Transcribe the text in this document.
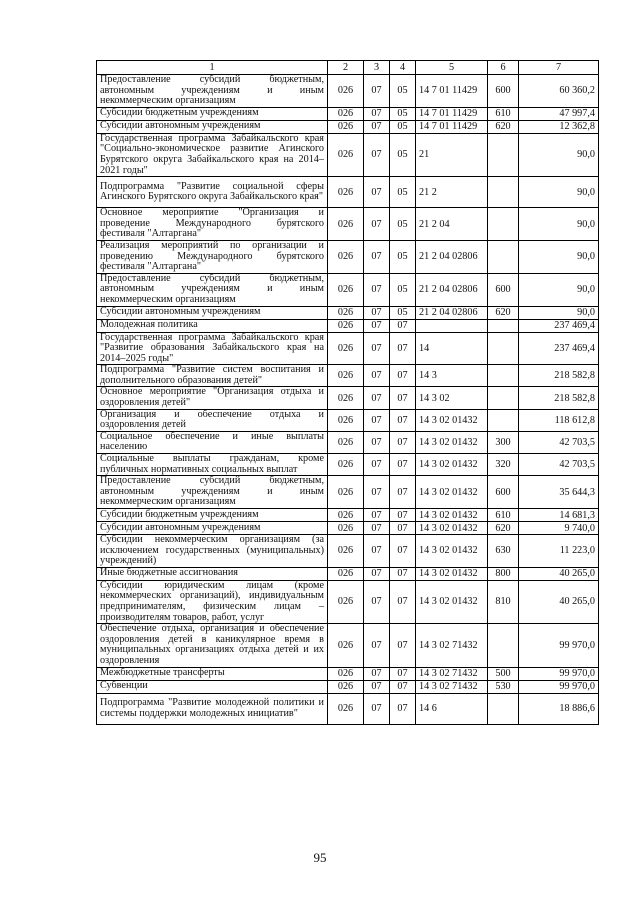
1	2	3	4	5	6	7
Предоставление субсидий бюджетным, автономным учреждениям и иным некоммерческим организациям	026	07	05	14 7 01 11429	600	60 360,2
Субсидии бюджетным учреждениям	026	07	05	14 7 01 11429	610	47 997,4
Субсидии автономным учреждениям	026	07	05	14 7 01 11429	620	12 362,8
Государственная программа Забайкальского края "Социально-экономическое развитие Агинского Бурятского округа Забайкальского края на 2014–2021 годы"	026	07	05	21		90,0
Подпрограмма "Развитие социальной сферы Агинского Бурятского округа Забайкальского края"	026	07	05	21 2		90,0
Основное мероприятие "Организация и проведение Международного бурятского фестиваля "Алтаргана"	026	07	05	21 2 04		90,0
Реализация мероприятий по организации и проведению Международного бурятского фестиваля "Алтаргана"	026	07	05	21 2 04 02806		90,0
Предоставление субсидий бюджетным, автономным учреждениям и иным некоммерческим организациям	026	07	05	21 2 04 02806	600	90,0
Субсидии автономным учреждениям	026	07	05	21 2 04 02806	620	90,0
Молодежная политика	026	07	07			237 469,4
Государственная программа Забайкальского края "Развитие образования Забайкальского края на 2014–2025 годы"	026	07	07	14		237 469,4
Подпрограмма "Развитие систем воспитания и дополнительного образования детей"	026	07	07	14 3		218 582,8
Основное мероприятие "Организация отдыха и оздоровления детей"	026	07	07	14 3 02		218 582,8
Организация и обеспечение отдыха и оздоровления детей	026	07	07	14 3 02 01432		118 612,8
Социальное обеспечение и иные выплаты населению	026	07	07	14 3 02 01432	300	42 703,5
Социальные выплаты гражданам, кроме публичных нормативных социальных выплат	026	07	07	14 3 02 01432	320	42 703,5
Предоставление субсидий бюджетным, автономным учреждениям и иным некоммерческим организациям	026	07	07	14 3 02 01432	600	35 644,3
Субсидии бюджетным учреждениям	026	07	07	14 3 02 01432	610	14 681,3
Субсидии автономным учреждениям	026	07	07	14 3 02 01432	620	9 740,0
Субсидии некоммерческим организациям (за исключением государственных (муниципальных) учреждений)	026	07	07	14 3 02 01432	630	11 223,0
Иные бюджетные ассигнования	026	07	07	14 3 02 01432	800	40 265,0
Субсидии юридическим лицам (кроме некоммерческих организаций), индивидуальным предпринимателям, физическим лицам – производителям товаров, работ, услуг	026	07	07	14 3 02 01432	810	40 265,0
Обеспечение отдыха, организация и обеспечение оздоровления детей в каникулярное время в муниципальных организациях отдыха детей и их оздоровления	026	07	07	14 3 02 71432		99 970,0
Межбюджетные трансферты	026	07	07	14 3 02 71432	500	99 970,0
Субвенции	026	07	07	14 3 02 71432	530	99 970,0
Подпрограмма "Развитие молодежной политики и системы поддержки молодежных инициатив"	026	07	07	14 6		18 886,6
95
